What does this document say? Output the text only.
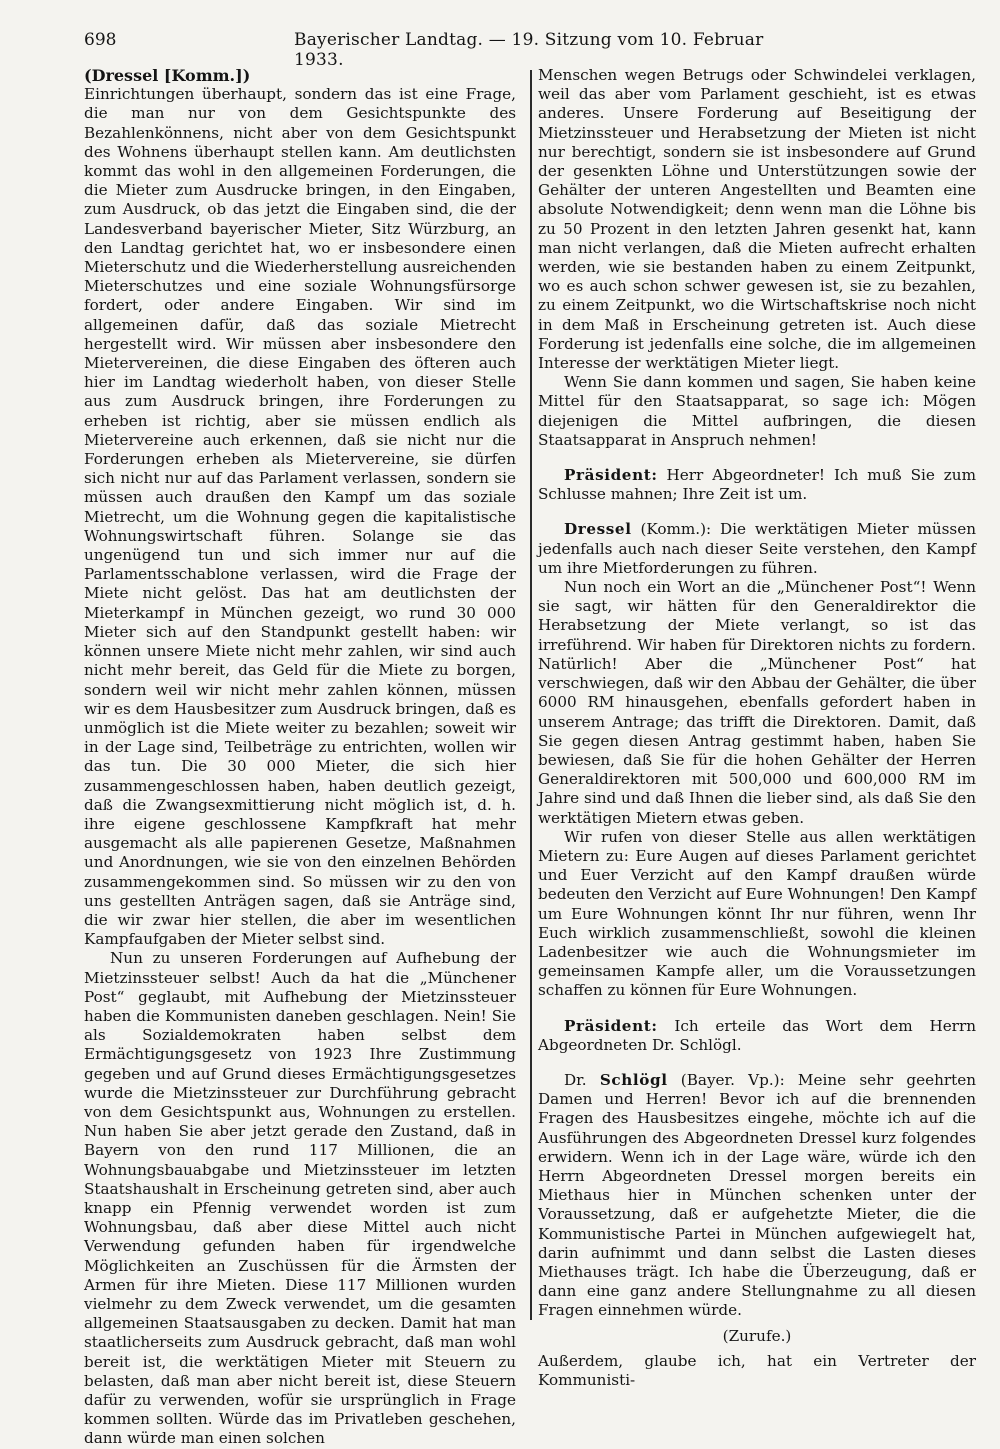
698	Bayerischer Landtag. — 19. Sitzung vom 10. Februar 1933.

(Dressel [Komm.])

Einrichtungen überhaupt, sondern das ist eine Frage, die man nur von dem Gesichtspunkte des Bezahlenkönnens, nicht aber von dem Gesichtspunkt des Wohnens überhaupt stellen kann. Am deutlichsten kommt das wohl in den allgemeinen Forderungen, die die Mieter zum Ausdrucke bringen, in den Eingaben, zum Ausdruck, ob das jetzt die Eingaben sind, die der Landesverband bayerischer Mieter, Sitz Würzburg, an den Landtag gerichtet hat, wo er insbesondere einen Mieterschutz und die Wiederherstellung ausreichenden Mieterschutzes und eine soziale Wohnungsfürsorge fordert, oder andere Eingaben. Wir sind im allgemeinen dafür, daß das soziale Mietrecht hergestellt wird. Wir müssen aber insbesondere den Mietervereinen, die diese Eingaben des öfteren auch hier im Landtag wiederholt haben, von dieser Stelle aus zum Ausdruck bringen, ihre Forderungen zu erheben ist richtig, aber sie müssen endlich als Mietervereine auch erkennen, daß sie nicht nur die Forderungen erheben als Mietervereine, sie dürfen sich nicht nur auf das Parlament verlassen, sondern sie müssen auch draußen den Kampf um das soziale Mietrecht, um die Wohnung gegen die kapitalistische Wohnungswirtschaft führen. Solange sie das ungenügend tun und sich immer nur auf die Parlamentsschablone verlassen, wird die Frage der Miete nicht gelöst. Das hat am deutlichsten der Mieterkampf in München gezeigt, wo rund 30 000 Mieter sich auf den Standpunkt gestellt haben: wir können unsere Miete nicht mehr zahlen, wir sind auch nicht mehr bereit, das Geld für die Miete zu borgen, sondern weil wir nicht mehr zahlen können, müssen wir es dem Hausbesitzer zum Ausdruck bringen, daß es unmöglich ist die Miete weiter zu bezahlen; soweit wir in der Lage sind, Teilbeträge zu entrichten, wollen wir das tun. Die 30 000 Mieter, die sich hier zusammengeschlossen haben, haben deutlich gezeigt, daß die Zwangsexmittierung nicht möglich ist, d. h. ihre eigene geschlossene Kampfkraft hat mehr ausgemacht als alle papierenen Gesetze, Maßnahmen und Anordnungen, wie sie von den einzelnen Behörden zusammengekommen sind. So müssen wir zu den von uns gestellten Anträgen sagen, daß sie Anträge sind, die wir zwar hier stellen, die aber im wesentlichen Kampfaufgaben der Mieter selbst sind.

Nun zu unseren Forderungen auf Aufhebung der Mietzinssteuer selbst! Auch da hat die „Münchener Post“ geglaubt, mit Aufhebung der Mietzinssteuer haben die Kommunisten daneben geschlagen. Nein! Sie als Sozialdemokraten haben selbst dem Ermächtigungsgesetz von 1923 Ihre Zustimmung gegeben und auf Grund dieses Ermächtigungsgesetzes wurde die Mietzinssteuer zur Durchführung gebracht von dem Gesichtspunkt aus, Wohnungen zu erstellen. Nun haben Sie aber jetzt gerade den Zustand, daß in Bayern von den rund 117 Millionen, die an Wohnungsbauabgabe und Mietzinssteuer im letzten Staatshaushalt in Erscheinung getreten sind, aber auch knapp ein Pfennig verwendet worden ist zum Wohnungsbau, daß aber diese Mittel auch nicht Verwendung gefunden haben für irgendwelche Möglichkeiten an Zuschüssen für die Ärmsten der Armen für ihre Mieten. Diese 117 Millionen wurden vielmehr zu dem Zweck verwendet, um die gesamten allgemeinen Staatsausgaben zu decken. Damit hat man staatlicherseits zum Ausdruck gebracht, daß man wohl bereit ist, die werktätigen Mieter mit Steuern zu belasten, daß man aber nicht bereit ist, diese Steuern dafür zu verwenden, wofür sie ursprünglich in Frage kommen sollten. Würde das im Privatleben geschehen, dann würde man einen solchen

Menschen wegen Betrugs oder Schwindelei verklagen, weil das aber vom Parlament geschieht, ist es etwas anderes. Unsere Forderung auf Beseitigung der Mietzinssteuer und Herabsetzung der Mieten ist nicht nur berechtigt, sondern sie ist insbesondere auf Grund der gesenkten Löhne und Unterstützungen sowie der Gehälter der unteren Angestellten und Beamten eine absolute Notwendigkeit; denn wenn man die Löhne bis zu 50 Prozent in den letzten Jahren gesenkt hat, kann man nicht verlangen, daß die Mieten aufrecht erhalten werden, wie sie bestanden haben zu einem Zeitpunkt, wo es auch schon schwer gewesen ist, sie zu bezahlen, zu einem Zeitpunkt, wo die Wirtschaftskrise noch nicht in dem Maß in Erscheinung getreten ist. Auch diese Forderung ist jedenfalls eine solche, die im allgemeinen Interesse der werktätigen Mieter liegt.

Wenn Sie dann kommen und sagen, Sie haben keine Mittel für den Staatsapparat, so sage ich: Mögen diejenigen die Mittel aufbringen, die diesen Staatsapparat in Anspruch nehmen!

Präsident: Herr Abgeordneter! Ich muß Sie zum Schlusse mahnen; Ihre Zeit ist um.

Dressel (Komm.): Die werktätigen Mieter müssen jedenfalls auch nach dieser Seite verstehen, den Kampf um ihre Mietforderungen zu führen.

Nun noch ein Wort an die „Münchener Post“! Wenn sie sagt, wir hätten für den Generaldirektor die Herabsetzung der Miete verlangt, so ist das irreführend. Wir haben für Direktoren nichts zu fordern. Natürlich! Aber die „Münchener Post“ hat verschwiegen, daß wir den Abbau der Gehälter, die über 6000 RM hinausgehen, ebenfalls gefordert haben in unserem Antrage; das trifft die Direktoren. Damit, daß Sie gegen diesen Antrag gestimmt haben, haben Sie bewiesen, daß Sie für die hohen Gehälter der Herren Generaldirektoren mit 500,000 und 600,000 RM im Jahre sind und daß Ihnen die lieber sind, als daß Sie den werktätigen Mietern etwas geben.

Wir rufen von dieser Stelle aus allen werktätigen Mietern zu: Eure Augen auf dieses Parlament gerichtet und Euer Verzicht auf den Kampf draußen würde bedeuten den Verzicht auf Eure Wohnungen! Den Kampf um Eure Wohnungen könnt Ihr nur führen, wenn Ihr Euch wirklich zusammenschließt, sowohl die kleinen Ladenbesitzer wie auch die Wohnungsmieter im gemeinsamen Kampfe aller, um die Voraussetzungen schaffen zu können für Eure Wohnungen.

Präsident: Ich erteile das Wort dem Herrn Abgeordneten Dr. Schlögl.

Dr. Schlögl (Bayer. Vp.): Meine sehr geehrten Damen und Herren! Bevor ich auf die brennenden Fragen des Hausbesitzes eingehe, möchte ich auf die Ausführungen des Abgeordneten Dressel kurz folgendes erwidern. Wenn ich in der Lage wäre, würde ich den Herrn Abgeordneten Dressel morgen bereits ein Miethaus hier in München schenken unter der Voraussetzung, daß er aufgehetzte Mieter, die die Kommunistische Partei in München aufgewiegelt hat, darin aufnimmt und dann selbst die Lasten dieses Miethauses trägt. Ich habe die Überzeugung, daß er dann eine ganz andere Stellungnahme zu all diesen Fragen einnehmen würde.

(Zurufe.)

Außerdem, glaube ich, hat ein Vertreter der Kommunisti-
